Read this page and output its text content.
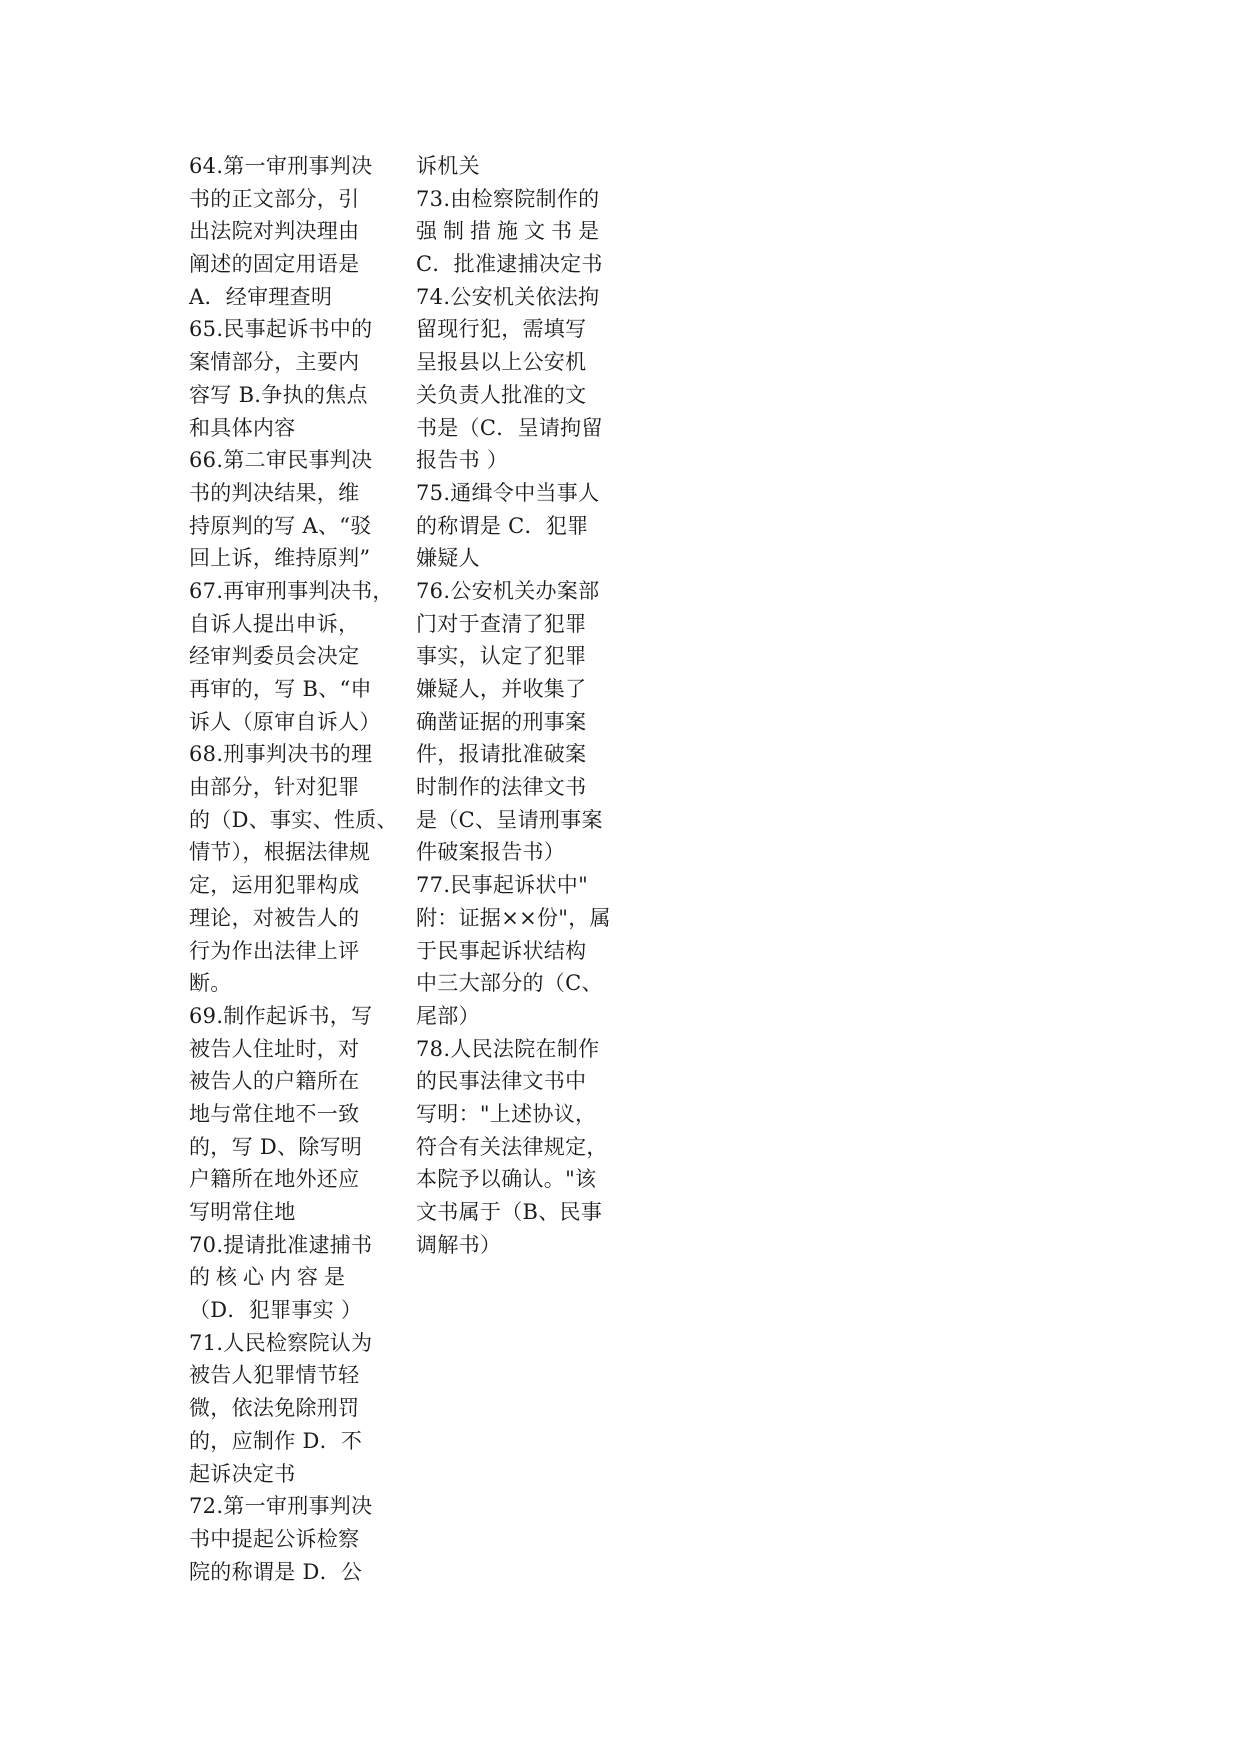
64.第一审刑事判决
书的正文部分，引
出法院对判决理由
阐述的固定用语是
A．经审理查明
65.民事起诉书中的
案情部分，主要内
容写 B.争执的焦点
和具体内容
66.第二审民事判决
书的判决结果，维
持原判的写 A、“驳
回上诉，维持原判”
67.再审刑事判决书，
自诉人提出申诉，
经审判委员会决定
再审的，写 B、“申
诉人（原审自诉人）
68.刑事判决书的理
由部分，针对犯罪
的（D、事实、性质、
情节），根据法律规
定，运用犯罪构成
理论，对被告人的
行为作出法律上评
断。
69.制作起诉书，写
被告人住址时，对
被告人的户籍所在
地与常住地不一致
的，写 D、除写明
户籍所在地外还应
写明常住地
70.提请批准逮捕书
的核心内容是
（D．犯罪事实 ）
71.人民检察院认为
被告人犯罪情节轻
微，依法免除刑罚
的，应制作 D．不
起诉决定书
72.第一审刑事判决
书中提起公诉检察
院的称谓是 D．公
诉机关
73.由检察院制作的
强制措施文书是
C．批准逮捕决定书
74.公安机关依法拘
留现行犯，需填写
呈报县以上公安机
关负责人批准的文
书是（C．呈请拘留
报告书 ）
75.通缉令中当事人
的称谓是 C．犯罪
嫌疑人
76.公安机关办案部
门对于查清了犯罪
事实，认定了犯罪
嫌疑人，并收集了
确凿证据的刑事案
件，报请批准破案
时制作的法律文书
是（C、呈请刑事案
件破案报告书）
77.民事起诉状中"
附：证据××份"，属
于民事起诉状结构
中三大部分的（C、
尾部）
78.人民法院在制作
的民事法律文书中
写明："上述协议，
符合有关法律规定，
本院予以确认。"该
文书属于（B、民事
调解书）
